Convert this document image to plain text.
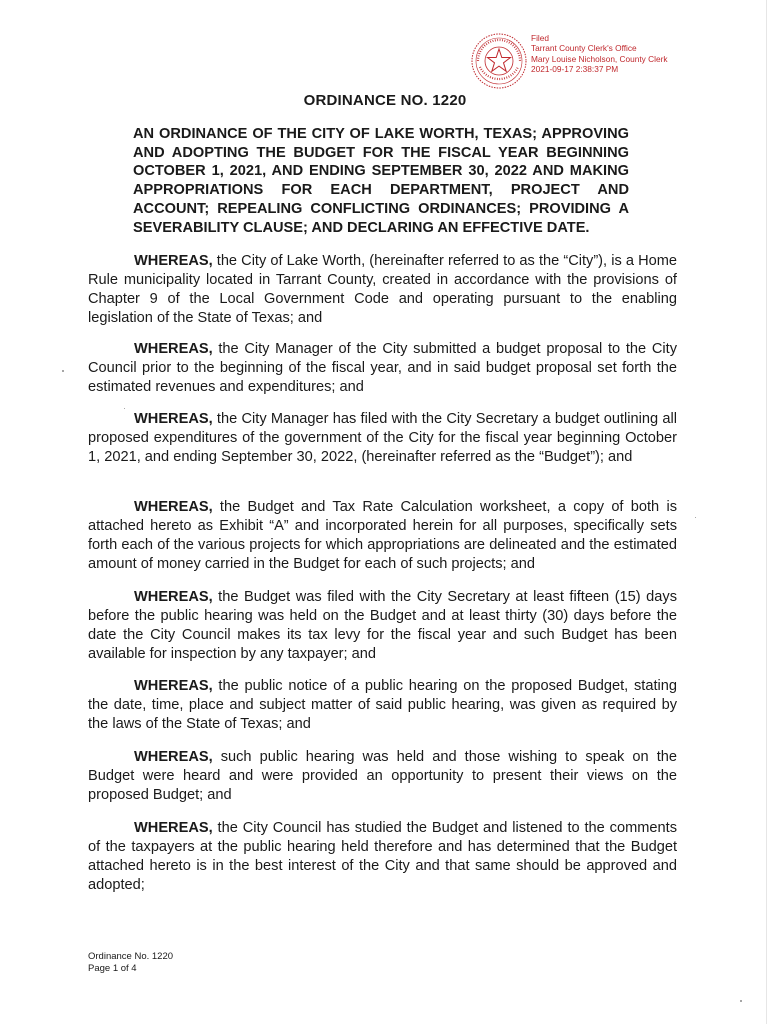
Filed
Tarrant County Clerk's Office
Mary Louise Nicholson, County Clerk
2021-09-17 2:38:37 PM
ORDINANCE NO. 1220
AN ORDINANCE OF THE CITY OF LAKE WORTH, TEXAS; APPROVING AND ADOPTING THE BUDGET FOR THE FISCAL YEAR BEGINNING OCTOBER 1, 2021, AND ENDING SEPTEMBER 30, 2022 AND MAKING APPROPRIATIONS FOR EACH DEPARTMENT, PROJECT AND ACCOUNT; REPEALING CONFLICTING ORDINANCES; PROVIDING A SEVERABILITY CLAUSE; AND DECLARING AN EFFECTIVE DATE.

WHEREAS, the City of Lake Worth, (hereinafter referred to as the “City”), is a Home Rule municipality located in Tarrant County, created in accordance with the provisions of Chapter 9 of the Local Government Code and operating pursuant to the enabling legislation of the State of Texas; and

WHEREAS, the City Manager of the City submitted a budget proposal to the City Council prior to the beginning of the fiscal year, and in said budget proposal set forth the estimated revenues and expenditures; and

WHEREAS, the City Manager has filed with the City Secretary a budget outlining all proposed expenditures of the government of the City for the fiscal year beginning October 1, 2021, and ending September 30, 2022, (hereinafter referred as the “Budget”); and

WHEREAS, the Budget and Tax Rate Calculation worksheet, a copy of both is attached hereto as Exhibit “A” and incorporated herein for all purposes, specifically sets forth each of the various projects for which appropriations are delineated and the estimated amount of money carried in the Budget for each of such projects; and

WHEREAS, the Budget was filed with the City Secretary at least fifteen (15) days before the public hearing was held on the Budget and at least thirty (30) days before the date the City Council makes its tax levy for the fiscal year and such Budget has been available for inspection by any taxpayer; and

WHEREAS, the public notice of a public hearing on the proposed Budget, stating the date, time, place and subject matter of said public hearing, was given as required by the laws of the State of Texas; and

WHEREAS, such public hearing was held and those wishing to speak on the Budget were heard and were provided an opportunity to present their views on the proposed Budget; and

WHEREAS, the City Council has studied the Budget and listened to the comments of the taxpayers at the public hearing held therefore and has determined that the Budget attached hereto is in the best interest of the City and that same should be approved and adopted;

Ordinance No. 1220
Page 1 of 4
